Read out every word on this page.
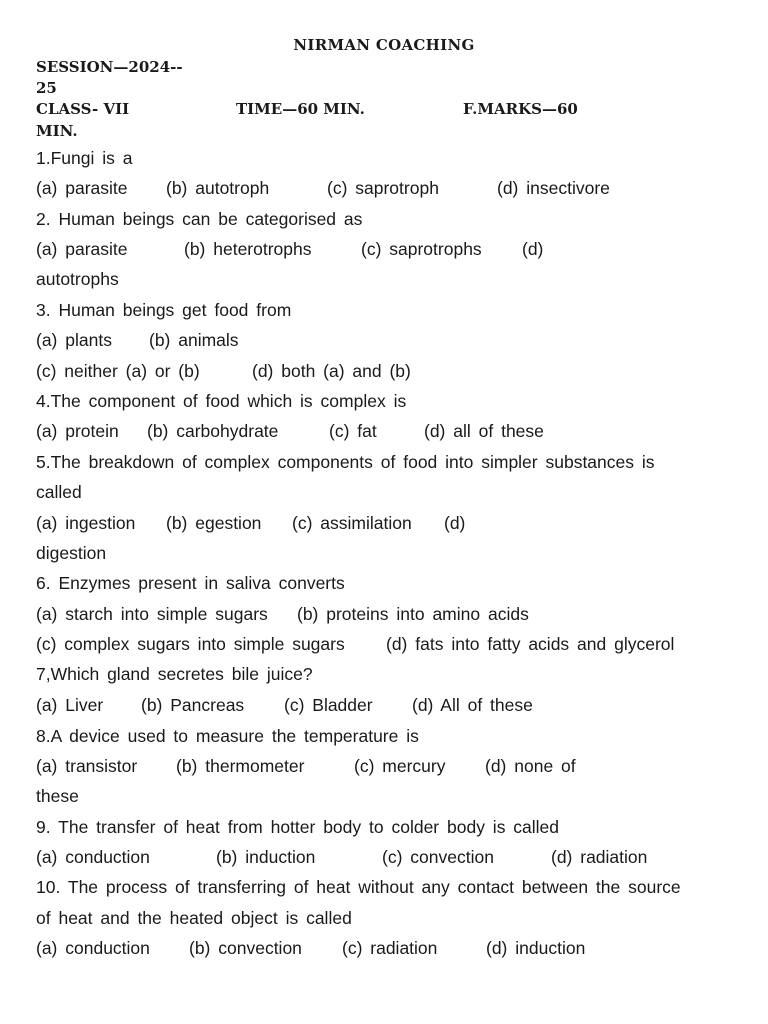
NIRMAN COACHING
SESSION—2024--
25
CLASS- VII	TIME—60 MIN.	F.MARKS—60
MIN.
1.Fungi is a
(a) parasite (b) autotroph	(c) saprotroph	(d) insectivore
2. Human beings can be categorised as
(a) parasite	(b) heterotrophs	(c) saprotrophs (d)
autotrophs
3. Human beings get food from
(a) plants (b) animals
(c) neither (a) or (b)	(d) both (a) and (b)
4.The component of food which is complex is
(a) protein (b) carbohydrate	(c) fat	(d) all of these
5.The breakdown of complex components of food into simpler substances is
called
(a) ingestion (b) egestion (c) assimilation (d)
digestion
6. Enzymes present in saliva converts
(a) starch into simple sugars (b) proteins into amino acids
(c) complex sugars into simple sugars (d) fats into fatty acids and glycerol
7,Which gland secretes bile juice?
(a) Liver (b) Pancreas (c) Bladder (d) All of these
8.A device used to measure the temperature is
(a) transistor (b) thermometer	(c) mercury (d) none of
these
9. The transfer of heat from hotter body to colder body is called
(a) conduction	(b) induction	(c) convection	(d) radiation
10. The process of transferring of heat without any contact between the source
of heat and the heated object is called
(a) conduction (b) convection (c) radiation	(d) induction
